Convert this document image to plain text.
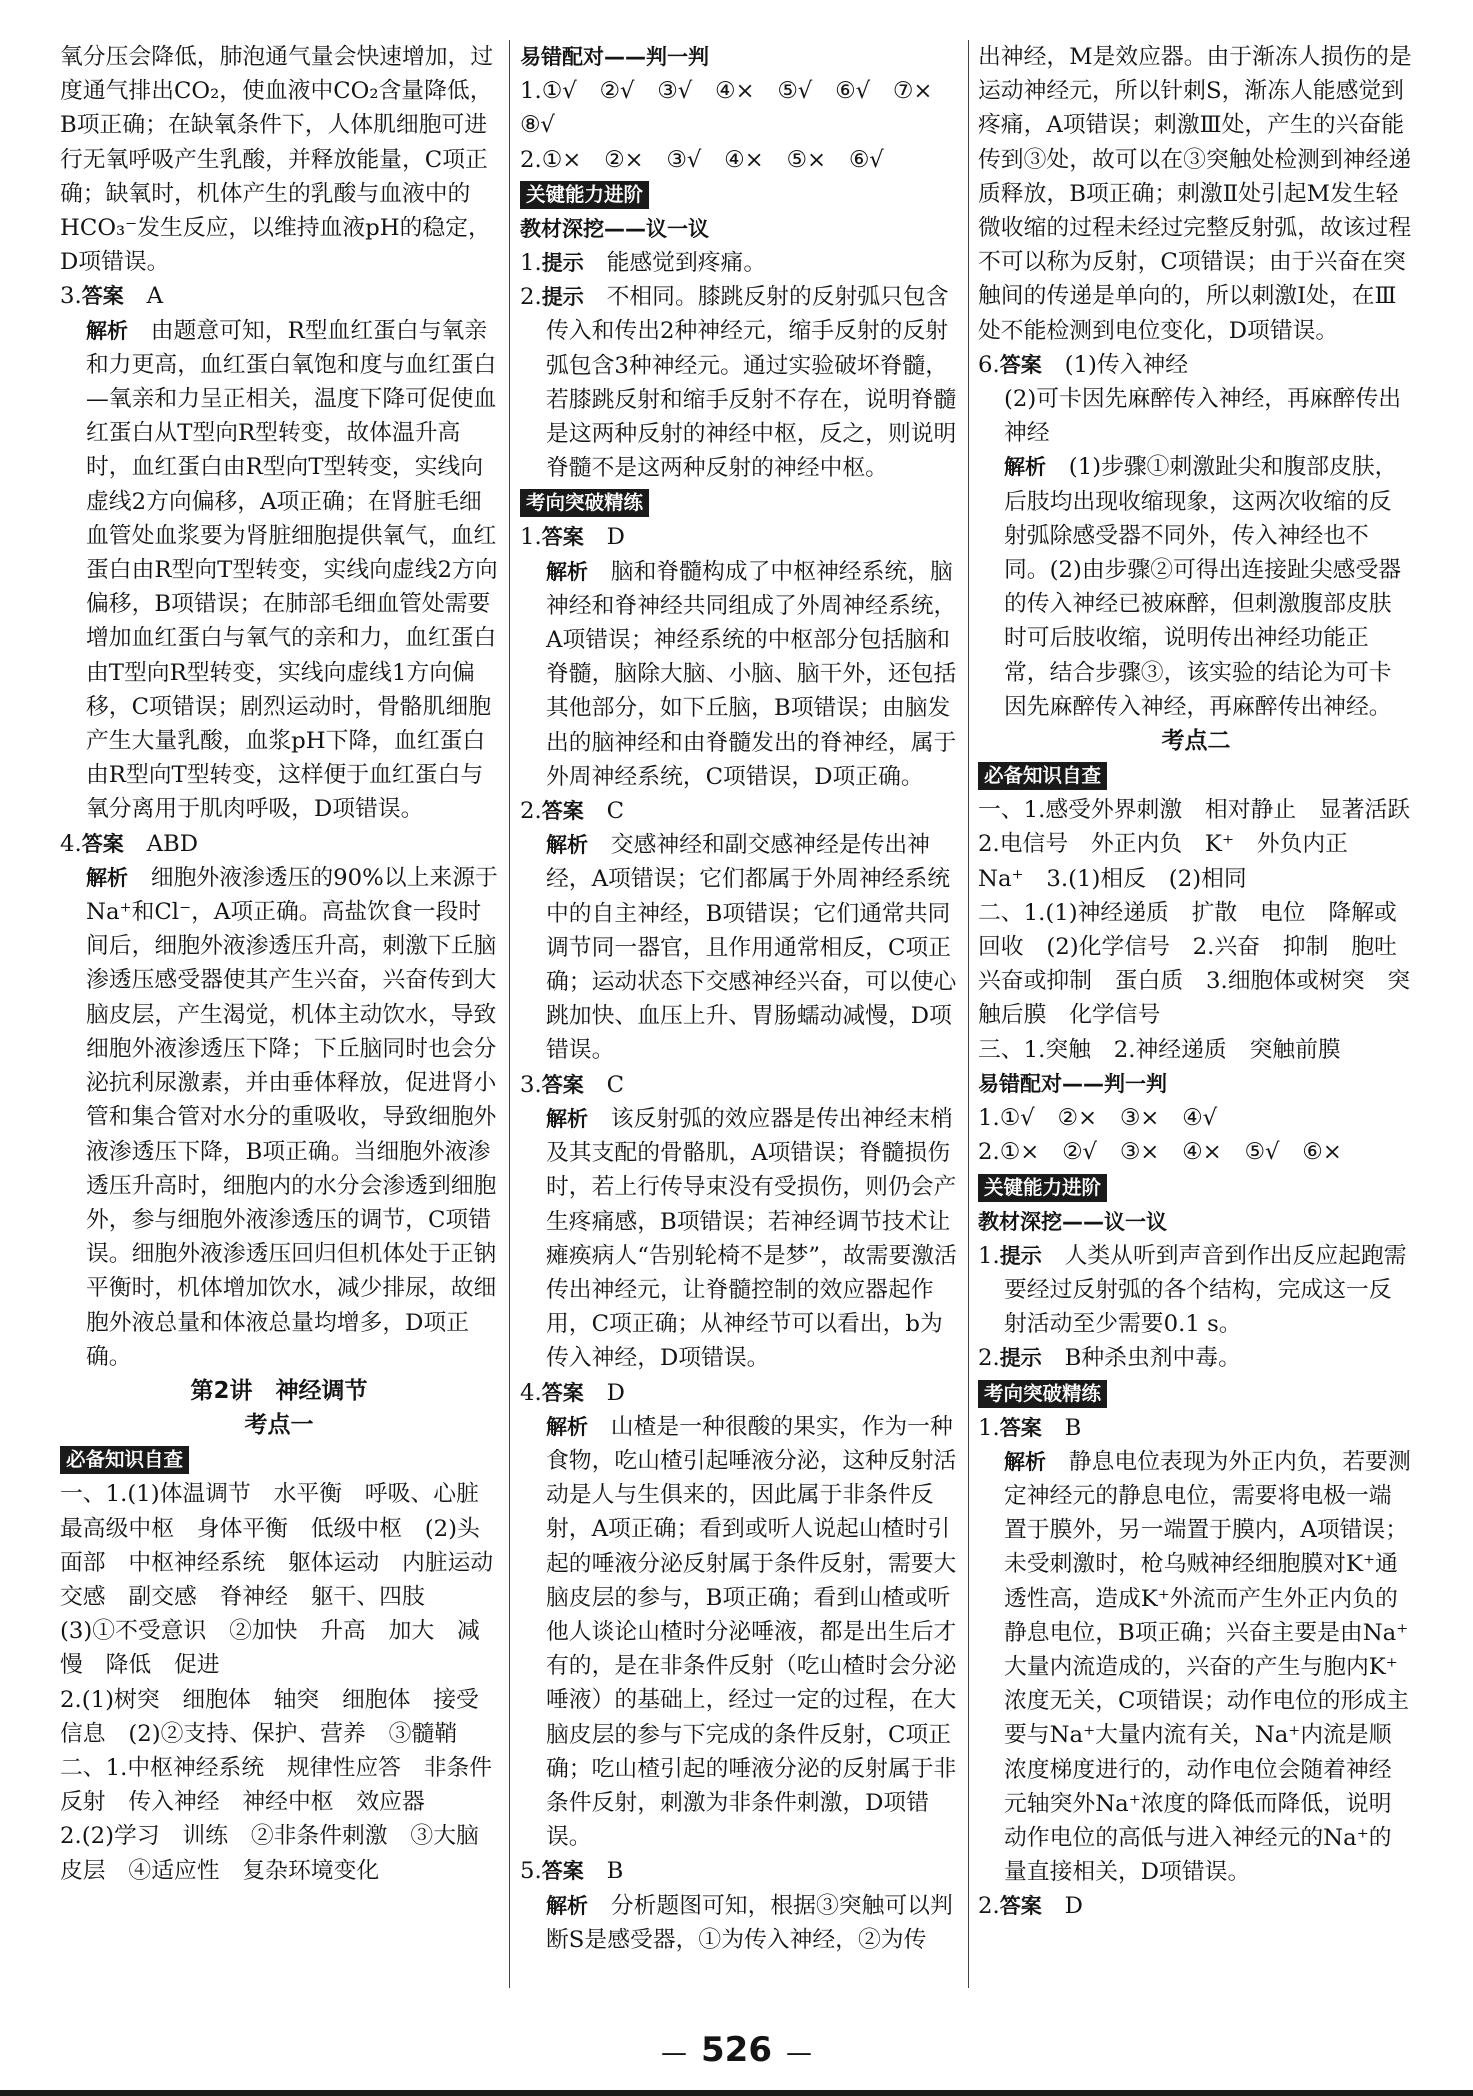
氧分压会降低，肺泡通气量会快速增加，过度通气排出CO₂，使血液中CO₂含量降低，B项正确；在缺氧条件下，人体肌细胞可进行无氧呼吸产生乳酸，并释放能量，C项正确；缺氧时，机体产生的乳酸与血液中的HCO₃⁻发生反应，以维持血液pH的稳定，D项错误。

3.答案  A

解析  由题意可知，R型血红蛋白与氧亲和力更高，血红蛋白氧饱和度与血红蛋白—氧亲和力呈正相关，温度下降可促使血红蛋白从T型向R型转变，故体温升高时，血红蛋白由R型向T型转变，实线向虚线2方向偏移，A项正确；在肾脏毛细血管处血浆要为肾脏细胞提供氧气，血红蛋白由R型向T型转变，实线向虚线2方向偏移，B项错误；在肺部毛细血管处需要增加血红蛋白与氧气的亲和力，血红蛋白由T型向R型转变，实线向虚线1方向偏移，C项错误；剧烈运动时，骨骼肌细胞产生大量乳酸，血浆pH下降，血红蛋白由R型向T型转变，这样便于血红蛋白与氧分离用于肌肉呼吸，D项错误。

4.答案  ABD

解析  细胞外液渗透压的90%以上来源于Na⁺和Cl⁻，A项正确。高盐饮食一段时间后，细胞外液渗透压升高，刺激下丘脑渗透压感受器使其产生兴奋，兴奋传到大脑皮层，产生渴觉，机体主动饮水，导致细胞外液渗透压下降；下丘脑同时也会分泌抗利尿激素，并由垂体释放，促进肾小管和集合管对水分的重吸收，导致细胞外液渗透压下降，B项正确。当细胞外液渗透压升高时，细胞内的水分会渗透到细胞外，参与细胞外液渗透压的调节，C项错误。细胞外液渗透压回归但机体处于正钠平衡时，机体增加饮水，减少排尿，故细胞外液总量和体液总量均增多，D项正确。

第2讲　神经调节

考点一

必备知识自查

一、1.(1)体温调节　水平衡　呼吸、心脏　最高级中枢　身体平衡　低级中枢　(2)头面部　中枢神经系统　躯体运动　内脏运动　交感　副交感　脊神经　躯干、四肢　(3)①不受意识　②加快　升高　加大　减慢　降低　促进

2.(1)树突　细胞体　轴突　细胞体　接受信息　(2)②支持、保护、营养　③髓鞘

二、1.中枢神经系统　规律性应答　非条件反射　传入神经　神经中枢　效应器

2.(2)学习　训练　②非条件刺激　③大脑皮层　④适应性　复杂环境变化

易错配对——判一判

1.①√　②√　③√　④×　⑤√　⑥√　⑦×　⑧√

2.①×　②×　③√　④×　⑤×　⑥√

关键能力进阶

教材深挖——议一议

1.提示  能感觉到疼痛。

2.提示  不相同。膝跳反射的反射弧只包含传入和传出2种神经元，缩手反射的反射弧包含3种神经元。通过实验破坏脊髓，若膝跳反射和缩手反射不存在，说明脊髓是这两种反射的神经中枢，反之，则说明脊髓不是这两种反射的神经中枢。

考向突破精练

1.答案  D

解析  脑和脊髓构成了中枢神经系统，脑神经和脊神经共同组成了外周神经系统，A项错误；神经系统的中枢部分包括脑和脊髓，脑除大脑、小脑、脑干外，还包括其他部分，如下丘脑，B项错误；由脑发出的脑神经和由脊髓发出的脊神经，属于外周神经系统，C项错误，D项正确。

2.答案  C

解析  交感神经和副交感神经是传出神经，A项错误；它们都属于外周神经系统中的自主神经，B项错误；它们通常共同调节同一器官，且作用通常相反，C项正确；运动状态下交感神经兴奋，可以使心跳加快、血压上升、胃肠蠕动减慢，D项错误。

3.答案  C

解析  该反射弧的效应器是传出神经末梢及其支配的骨骼肌，A项错误；脊髓损伤时，若上行传导束没有受损伤，则仍会产生疼痛感，B项错误；若神经调节技术让瘫痪病人“告别轮椅不是梦”，故需要激活传出神经元，让脊髓控制的效应器起作用，C项正确；从神经节可以看出，b为传入神经，D项错误。

4.答案  D

解析  山楂是一种很酸的果实，作为一种食物，吃山楂引起唾液分泌，这种反射活动是人与生俱来的，因此属于非条件反射，A项正确；看到或听人说起山楂时引起的唾液分泌反射属于条件反射，需要大脑皮层的参与，B项正确；看到山楂或听他人谈论山楂时分泌唾液，都是出生后才有的，是在非条件反射（吃山楂时会分泌唾液）的基础上，经过一定的过程，在大脑皮层的参与下完成的条件反射，C项正确；吃山楂引起的唾液分泌的反射属于非条件反射，刺激为非条件刺激，D项错误。

5.答案  B

解析  分析题图可知，根据③突触可以判断S是感受器，①为传入神经，②为传

出神经，M是效应器。由于渐冻人损伤的是运动神经元，所以针刺S，渐冻人能感觉到疼痛，A项错误；刺激Ⅲ处，产生的兴奋能传到③处，故可以在③突触处检测到神经递质释放，B项正确；刺激Ⅱ处引起M发生轻微收缩的过程未经过完整反射弧，故该过程不可以称为反射，C项错误；由于兴奋在突触间的传递是单向的，所以刺激Ⅰ处，在Ⅲ处不能检测到电位变化，D项错误。

6.答案  (1)传入神经

(2)可卡因先麻醉传入神经，再麻醉传出神经

解析  (1)步骤①刺激趾尖和腹部皮肤，后肢均出现收缩现象，这两次收缩的反射弧除感受器不同外，传入神经也不同。(2)由步骤②可得出连接趾尖感受器的传入神经已被麻醉，但刺激腹部皮肤时可后肢收缩，说明传出神经功能正常，结合步骤③，该实验的结论为可卡因先麻醉传入神经，再麻醉传出神经。

考点二

必备知识自查

一、1.感受外界刺激　相对静止　显著活跃　2.电信号　外正内负　K⁺　外负内正　Na⁺　3.(1)相反　(2)相同

二、1.(1)神经递质　扩散　电位　降解或回收　(2)化学信号　2.兴奋　抑制　胞吐　兴奋或抑制　蛋白质　3.细胞体或树突　突触后膜　化学信号

三、1.突触　2.神经递质　突触前膜

易错配对——判一判

1.①√　②×　③×　④√

2.①×　②√　③×　④×　⑤√　⑥×

关键能力进阶

教材深挖——议一议

1.提示  人类从听到声音到作出反应起跑需要经过反射弧的各个结构，完成这一反射活动至少需要0.1 s。

2.提示  B种杀虫剂中毒。

考向突破精练

1.答案  B

解析  静息电位表现为外正内负，若要测定神经元的静息电位，需要将电极一端置于膜外，另一端置于膜内，A项错误；未受刺激时，枪乌贼神经细胞膜对K⁺通透性高，造成K⁺外流而产生外正内负的静息电位，B项正确；兴奋主要是由Na⁺大量内流造成的，兴奋的产生与胞内K⁺浓度无关，C项错误；动作电位的形成主要与Na⁺大量内流有关，Na⁺内流是顺浓度梯度进行的，动作电位会随着神经元轴突外Na⁺浓度的降低而降低，说明动作电位的高低与进入神经元的Na⁺的量直接相关，D项错误。

2.答案  D

— 526 —
